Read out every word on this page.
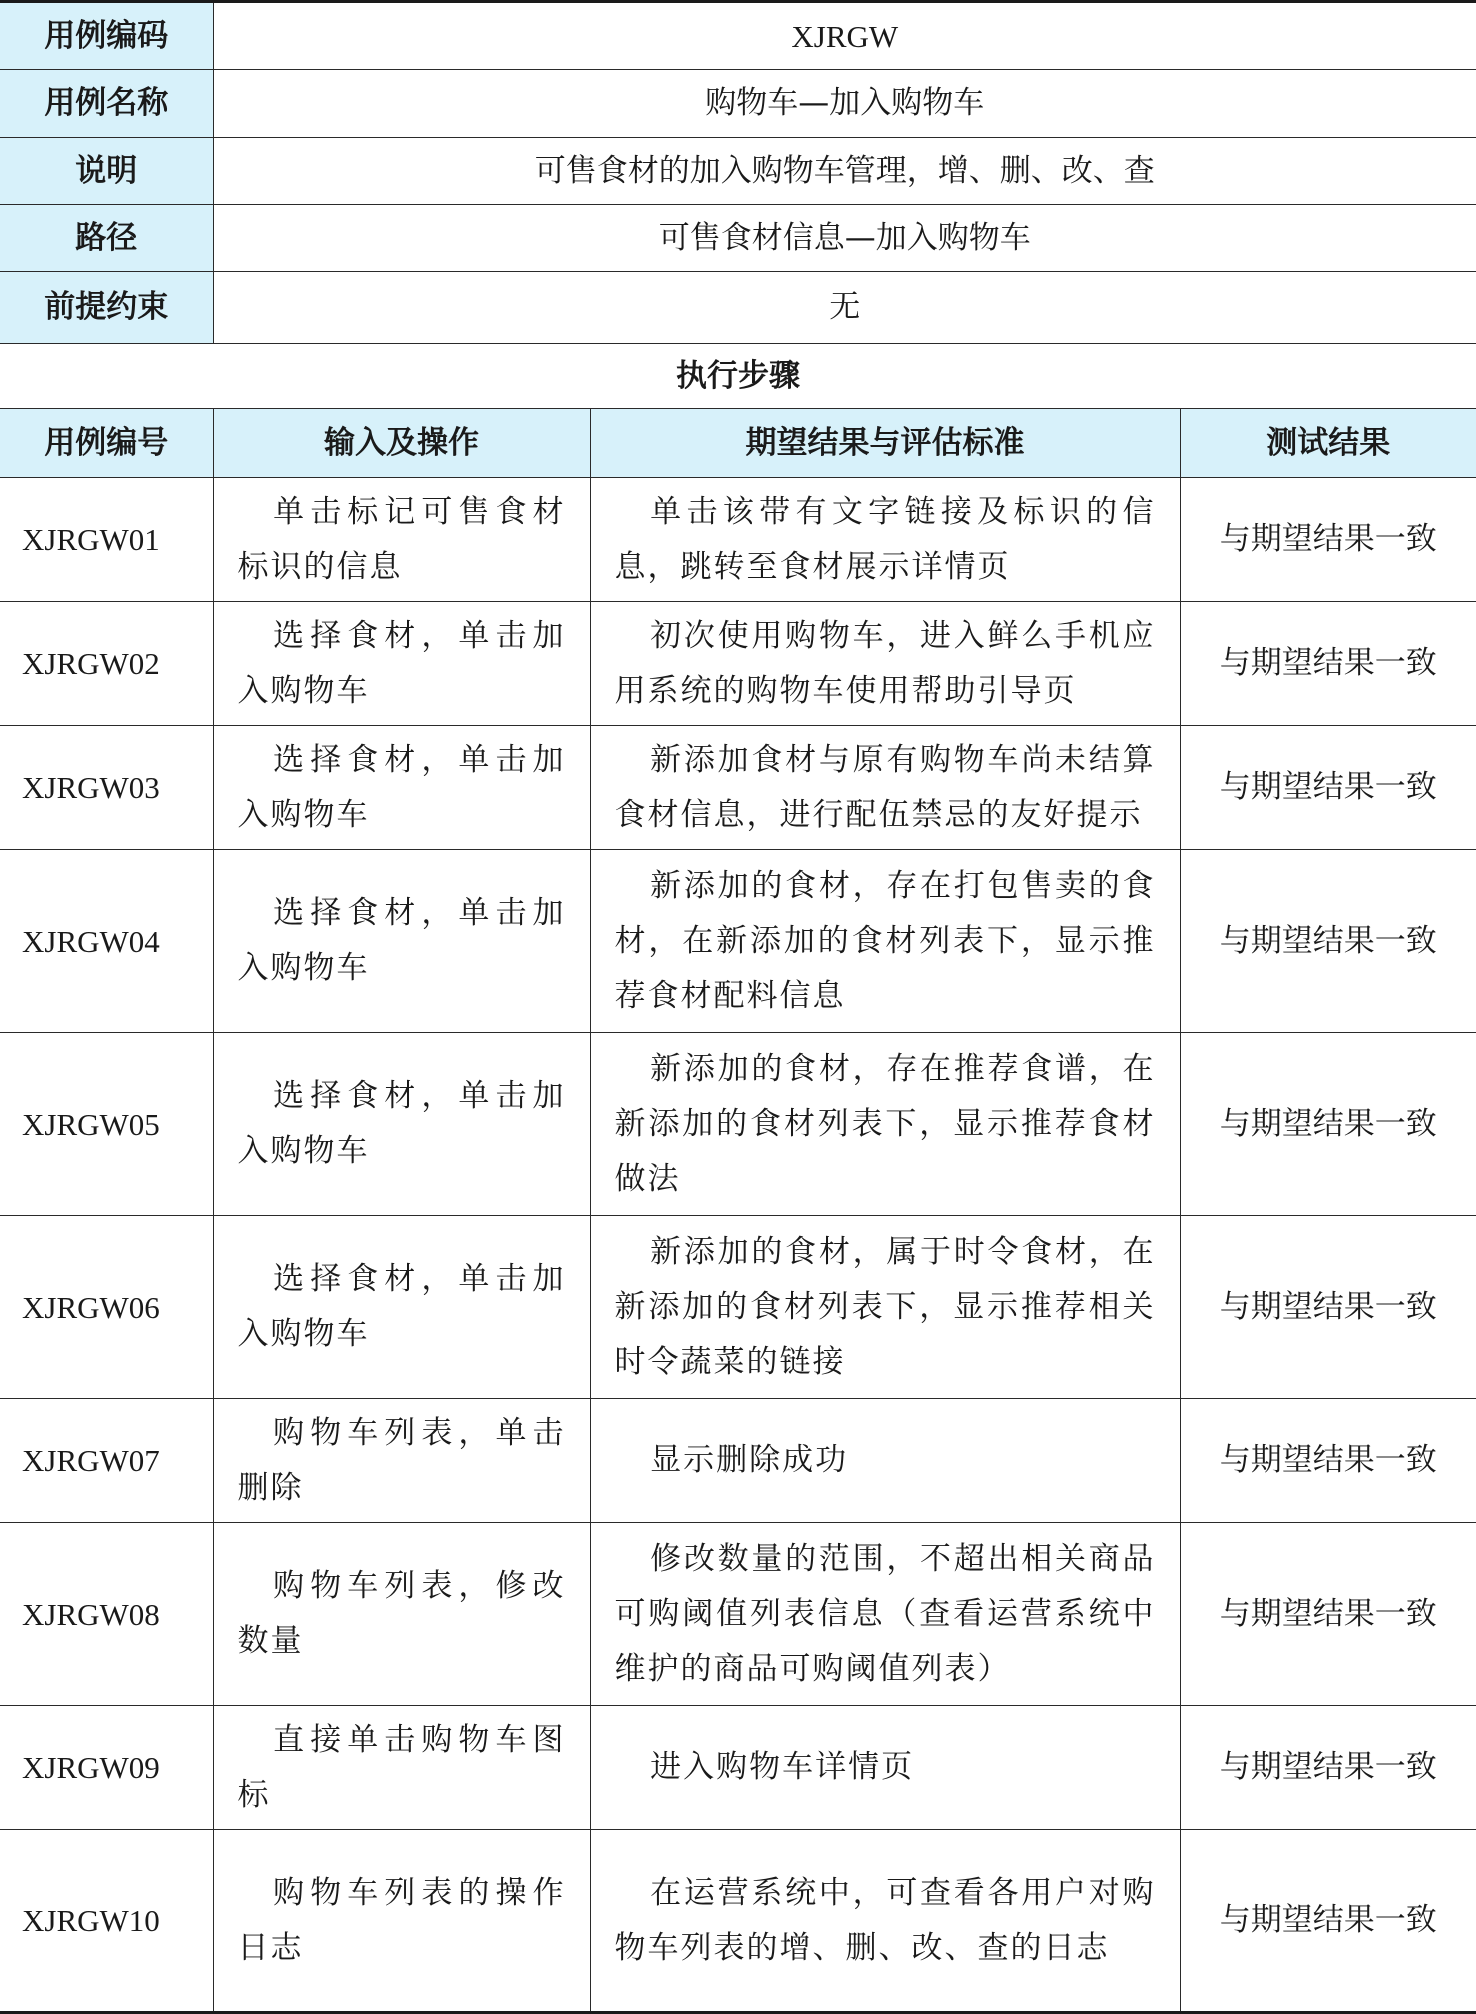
用例编码	XJRGW		
用例名称	购物车—加入购物车		
说明	可售食材的加入购物车管理，增、删、改、查		
路径	可售食材信息—加入购物车		
前提约束	无		
执行步骤			
用例编号	输入及操作	期望结果与评估标准	测试结果
XJRGW01	单击标记可售食材标识的信息	单击该带有文字链接及标识的信息，跳转至食材展示详情页	与期望结果一致
XJRGW02	选择食材，单击加入购物车	初次使用购物车，进入鲜么手机应用系统的购物车使用帮助引导页	与期望结果一致
XJRGW03	选择食材，单击加入购物车	新添加食材与原有购物车尚未结算食材信息，进行配伍禁忌的友好提示	与期望结果一致
XJRGW04	选择食材，单击加入购物车	新添加的食材，存在打包售卖的食材，在新添加的食材列表下，显示推荐食材配料信息	与期望结果一致
XJRGW05	选择食材，单击加入购物车	新添加的食材，存在推荐食谱，在新添加的食材列表下，显示推荐食材做法	与期望结果一致
XJRGW06	选择食材，单击加入购物车	新添加的食材，属于时令食材，在新添加的食材列表下，显示推荐相关时令蔬菜的链接	与期望结果一致
XJRGW07	购物车列表，单击删除	显示删除成功	与期望结果一致
XJRGW08	购物车列表，修改数量	修改数量的范围，不超出相关商品可购阈值列表信息（查看运营系统中维护的商品可购阈值列表）	与期望结果一致
XJRGW09	直接单击购物车图标	进入购物车详情页	与期望结果一致
XJRGW10	购物车列表的操作日志	在运营系统中，可查看各用户对购物车列表的增、删、改、查的日志	与期望结果一致
